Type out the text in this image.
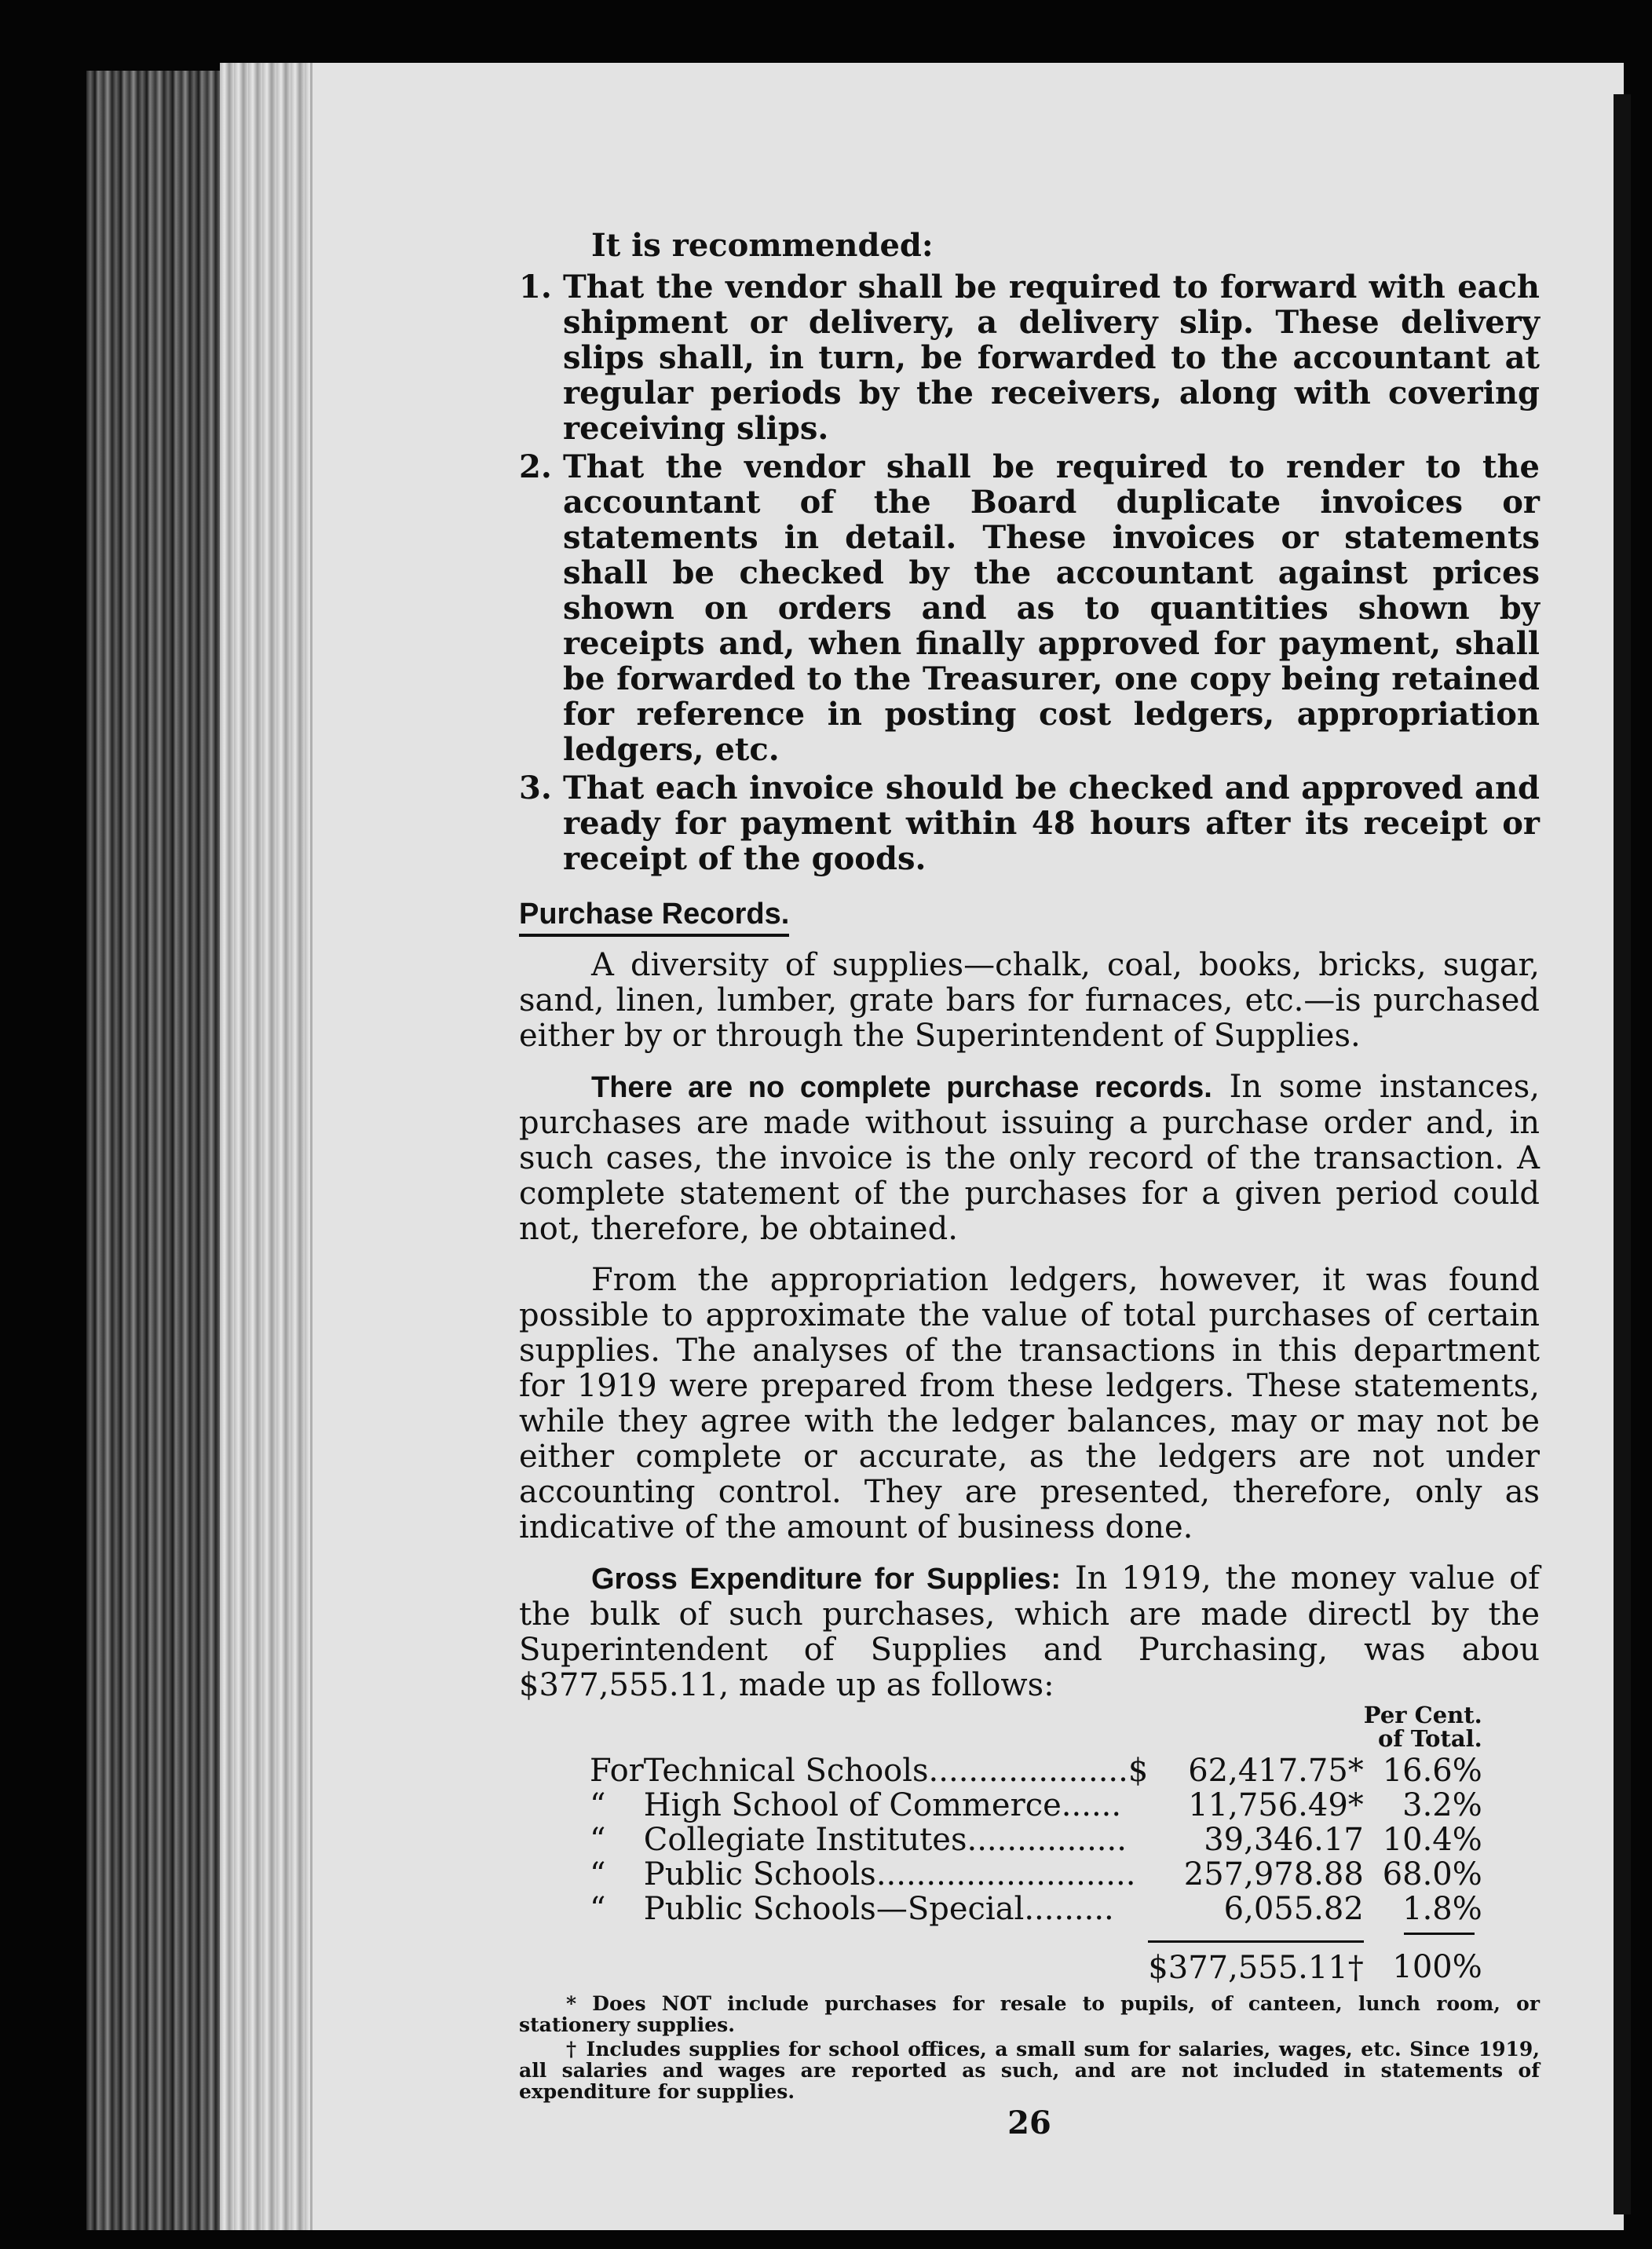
It is recommended:

1. That the vendor shall be required to forward with each shipment or delivery, a delivery slip. These delivery slips shall, in turn, be forwarded to the accountant at regular periods by the receivers, along with covering receiving slips.
2. That the vendor shall be required to render to the accountant of the Board duplicate invoices or statements in detail. These invoices or statements shall be checked by the accountant against prices shown on orders and as to quantities shown by receipts and, when finally approved for payment, shall be forwarded to the Treasurer, one copy being retained for reference in posting cost ledgers, appropriation ledgers, etc.
3. That each invoice should be checked and approved and ready for payment within 48 hours after its receipt or receipt of the goods.
Purchase Records.

A diversity of supplies—chalk, coal, books, bricks, sugar, sand, linen, lumber, grate bars for furnaces, etc.—is purchased either by or through the Superintendent of Supplies.

There are no complete purchase records. In some instances, purchases are made without issuing a purchase order and, in such cases, the invoice is the only record of the transaction. A complete statement of the purchases for a given period could not, therefore, be obtained.

From the appropriation ledgers, however, it was found possible to approximate the value of total purchases of certain supplies. The analyses of the transactions in this department for 1919 were prepared from these ledgers. These statements, while they agree with the ledger balances, may or may not be either complete or accurate, as the ledgers are not under accounting control. They are presented, therefore, only as indicative of the amount of business done.

Gross Expenditure for Supplies: In 1919, the money value of the bulk of such purchases, which are made directl by the Superintendent of Supplies and Purchasing, was abou $377,555.11, made up as follows:

			Per Cent.
of Total.

For	Technical Schools....................$	62,417.75*	16.6%
“	High School of Commerce......	11,756.49*	3.2%
“	Collegiate Institutes................	39,346.17	10.4%
“	Public Schools..........................	257,978.88	68.0%
“	Public Schools—Special.........	6,055.82	1.8%

		$377,555.11†	100%

* Does NOT include purchases for resale to pupils, of canteen, lunch room, or stationery supplies.

† Includes supplies for school offices, a small sum for salaries, wages, etc. Since 1919, all salaries and wages are reported as such, and are not included in statements of expenditure for supplies.

26
